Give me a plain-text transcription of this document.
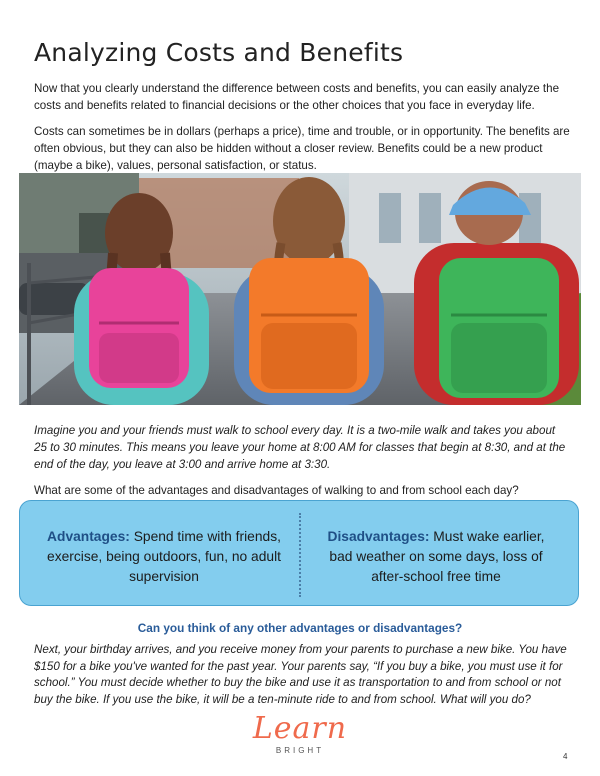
Analyzing Costs and Benefits

Now that you clearly understand the difference between costs and benefits, you can easily analyze the costs and benefits related to financial decisions or the other choices that you face in everyday life.

Costs can sometimes be in dollars (perhaps a price), time and trouble, or in opportunity. The benefits are often obvious, but they can also be hidden without a closer review. Benefits could be a new product (maybe a bike), values, personal satisfaction, or status.

Imagine you and your friends must walk to school every day. It is a two-mile walk and takes you about 25 to 30 minutes. This means you leave your home at 8:00 AM for classes that begin at 8:30, and at the end of the day, you leave at 3:00 and arrive home at 3:30.

What are some of the advantages and disadvantages of walking to and from school each day?

Advantages: Spend time with friends, exercise, being outdoors, fun, no adult supervision
Disadvantages: Must wake earlier, bad weather on some days, loss of after-school free time

Can you think of any other advantages or disadvantages?

Next, your birthday arrives, and you receive money from your parents to purchase a new bike. You have $150 for a bike you've wanted for the past year. Your parents say, “If you buy a bike, you must use it for school.” You must decide whether to buy the bike and use it as transportation to and from school or not buy the bike. If you use the bike, it will be a ten-minute ride to and from school. What will you do?

Learn
BRIGHT
4
